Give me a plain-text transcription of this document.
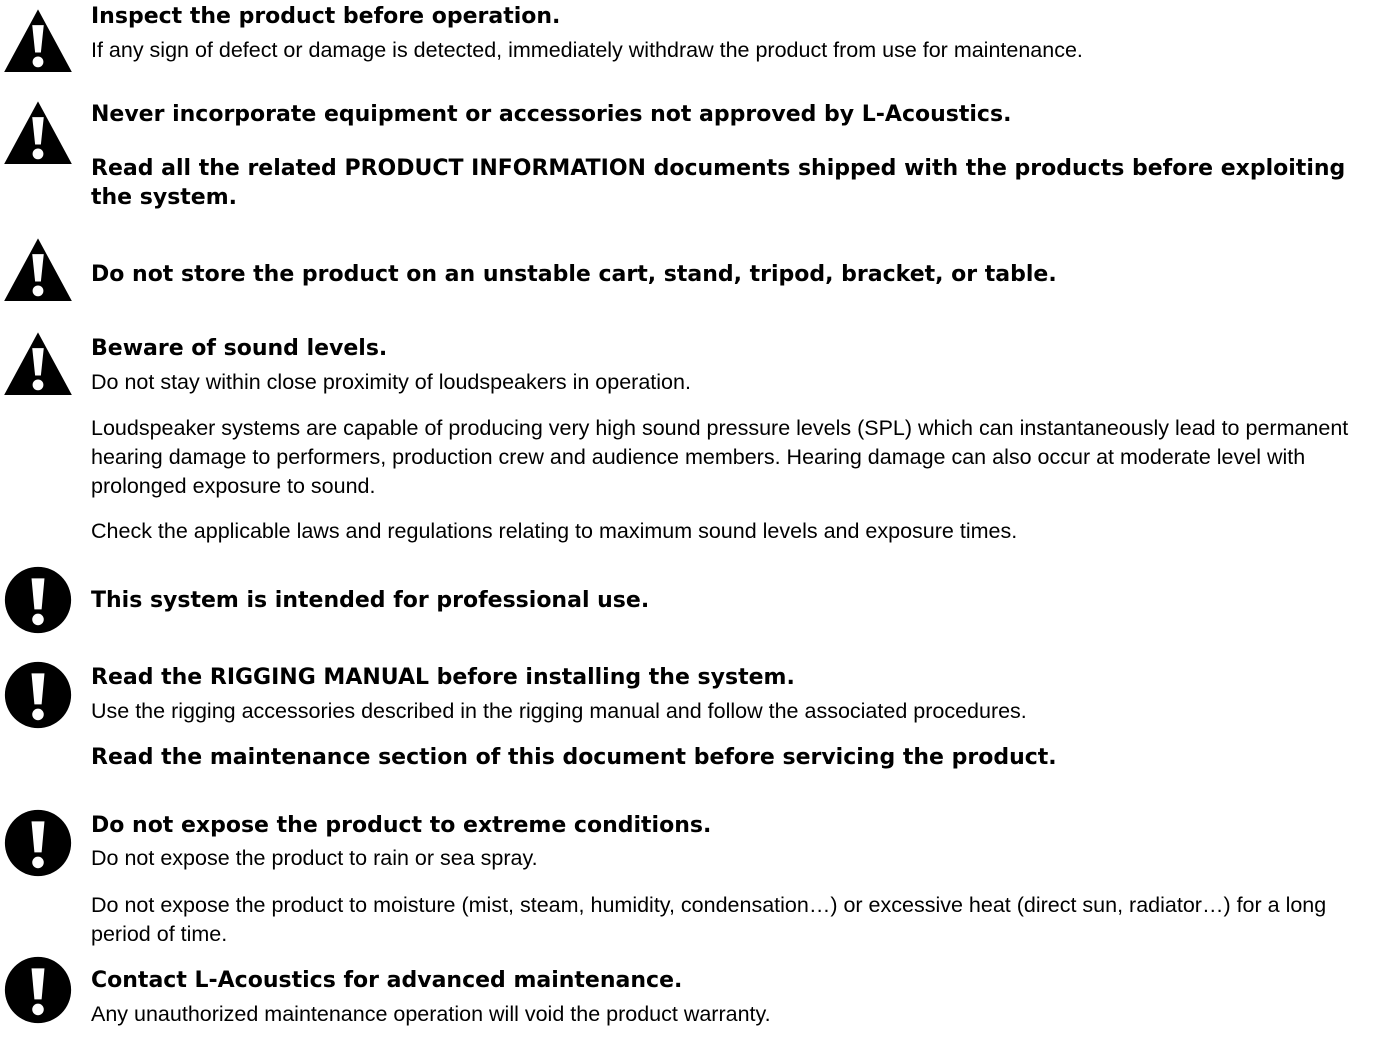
Inspect the product before operation.

If any sign of defect or damage is detected, immediately withdraw the product from use for maintenance.

Never incorporate equipment or accessories not approved by L-Acoustics.

Read all the related PRODUCT INFORMATION documents shipped with the products before exploiting the system.

Do not store the product on an unstable cart, stand, tripod, bracket, or table.

Beware of sound levels.

Do not stay within close proximity of loudspeakers in operation.

Loudspeaker systems are capable of producing very high sound pressure levels (SPL) which can instantaneously lead to permanent hearing damage to performers, production crew and audience members. Hearing damage can also occur at moderate level with prolonged exposure to sound.

Check the applicable laws and regulations relating to maximum sound levels and exposure times.

This system is intended for professional use.

Read the RIGGING MANUAL before installing the system.

Use the rigging accessories described in the rigging manual and follow the associated procedures.

Read the maintenance section of this document before servicing the product.

Do not expose the product to extreme conditions.

Do not expose the product to rain or sea spray.

Do not expose the product to moisture (mist, steam, humidity, condensation…) or excessive heat (direct sun, radiator…) for a long period of time.

Contact L-Acoustics for advanced maintenance.

Any unauthorized maintenance operation will void the product warranty.
